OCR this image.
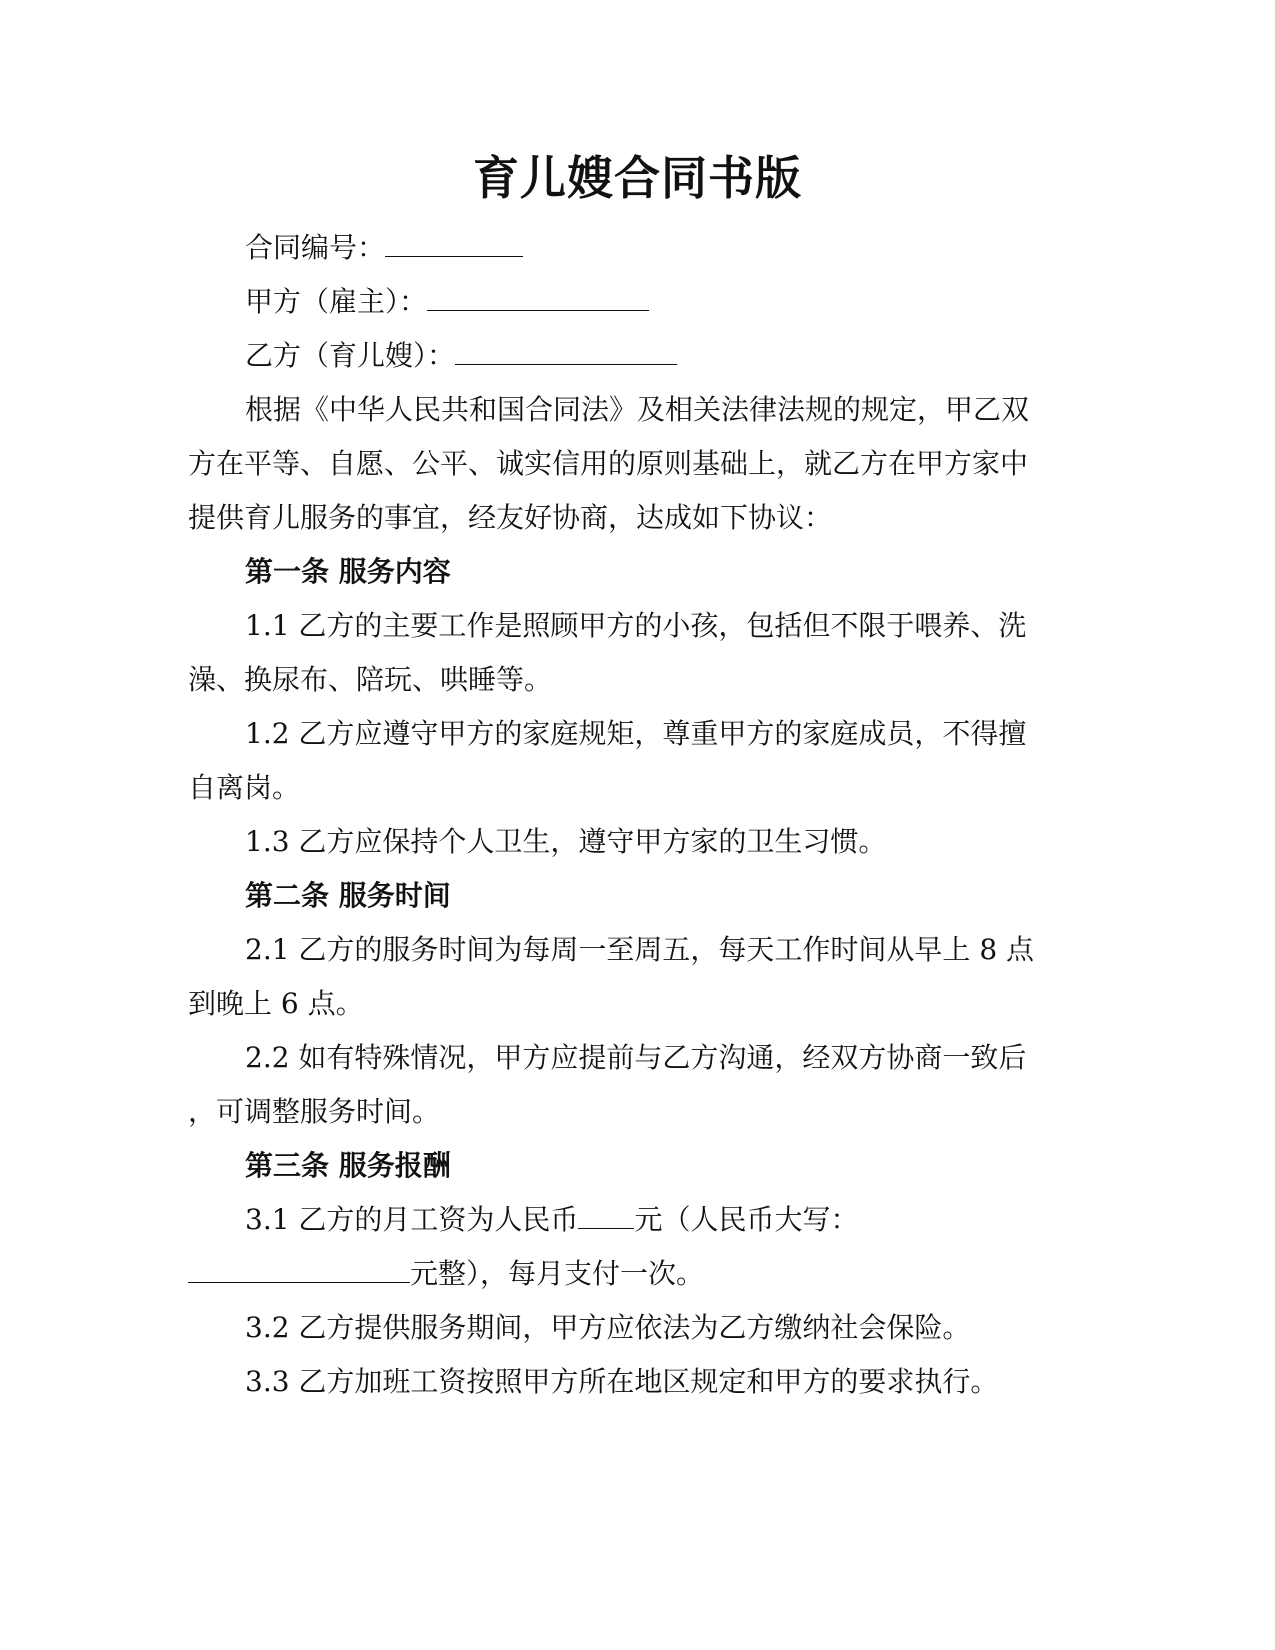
育儿嫂合同书版
合同编号：
甲方（雇主）：
乙方（育儿嫂）：
根据《中华人民共和国合同法》及相关法律法规的规定，甲乙双
方在平等、自愿、公平、诚实信用的原则基础上，就乙方在甲方家中
提供育儿服务的事宜，经友好协商，达成如下协议：
第一条 服务内容
1.1 乙方的主要工作是照顾甲方的小孩，包括但不限于喂养、洗
澡、换尿布、陪玩、哄睡等。
1.2 乙方应遵守甲方的家庭规矩，尊重甲方的家庭成员，不得擅
自离岗。
1.3 乙方应保持个人卫生，遵守甲方家的卫生习惯。
第二条 服务时间
2.1 乙方的服务时间为每周一至周五，每天工作时间从早上 8 点
到晚上 6 点。
2.2 如有特殊情况，甲方应提前与乙方沟通，经双方协商一致后
，可调整服务时间。
第三条 服务报酬
3.1 乙方的月工资为人民币 元（人民币大写：
元整），每月支付一次。
3.2 乙方提供服务期间，甲方应依法为乙方缴纳社会保险。
3.3 乙方加班工资按照甲方所在地区规定和甲方的要求执行。
